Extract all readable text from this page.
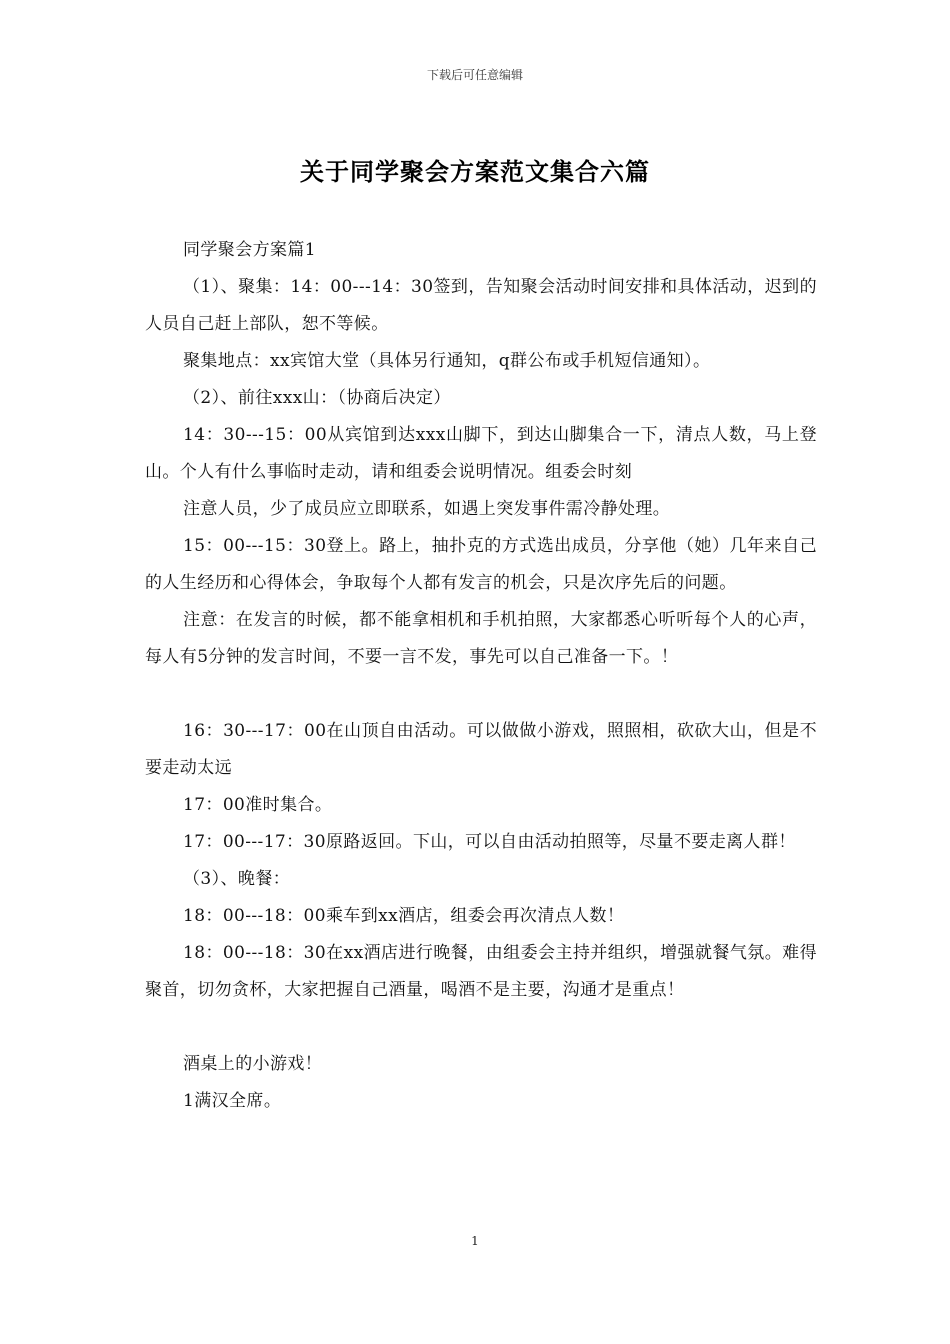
下载后可任意编辑
关于同学聚会方案范文集合六篇

同学聚会方案篇1

（1）、聚集：14：00---14：30签到，告知聚会活动时间安排和具体活动，迟到的人员自己赶上部队，恕不等候。

聚集地点：xx宾馆大堂（具体另行通知，q群公布或手机短信通知）。

（2）、前往xxx山：（协商后决定）

14：30---15：00从宾馆到达xxx山脚下，到达山脚集合一下，清点人数，马上登山。个人有什么事临时走动，请和组委会说明情况。组委会时刻

注意人员，少了成员应立即联系，如遇上突发事件需冷静处理。

15：00---15：30登上。路上，抽扑克的方式选出成员，分享他（她）几年来自己的人生经历和心得体会，争取每个人都有发言的机会，只是次序先后的问题。

注意：在发言的时候，都不能拿相机和手机拍照，大家都悉心听听每个人的心声，每人有5分钟的发言时间，不要一言不发，事先可以自己准备一下。！

16：30---17：00在山顶自由活动。可以做做小游戏，照照相，砍砍大山，但是不要走动太远

17：00准时集合。

17：00---17：30原路返回。下山，可以自由活动拍照等，尽量不要走离人群！

（3）、晚餐：

18：00---18：00乘车到xx酒店，组委会再次清点人数！

18：00---18：30在xx酒店进行晚餐，由组委会主持并组织，增强就餐气氛。难得聚首，切勿贪杯，大家把握自己酒量，喝酒不是主要，沟通才是重点！

酒桌上的小游戏！

1满汉全席。

1
